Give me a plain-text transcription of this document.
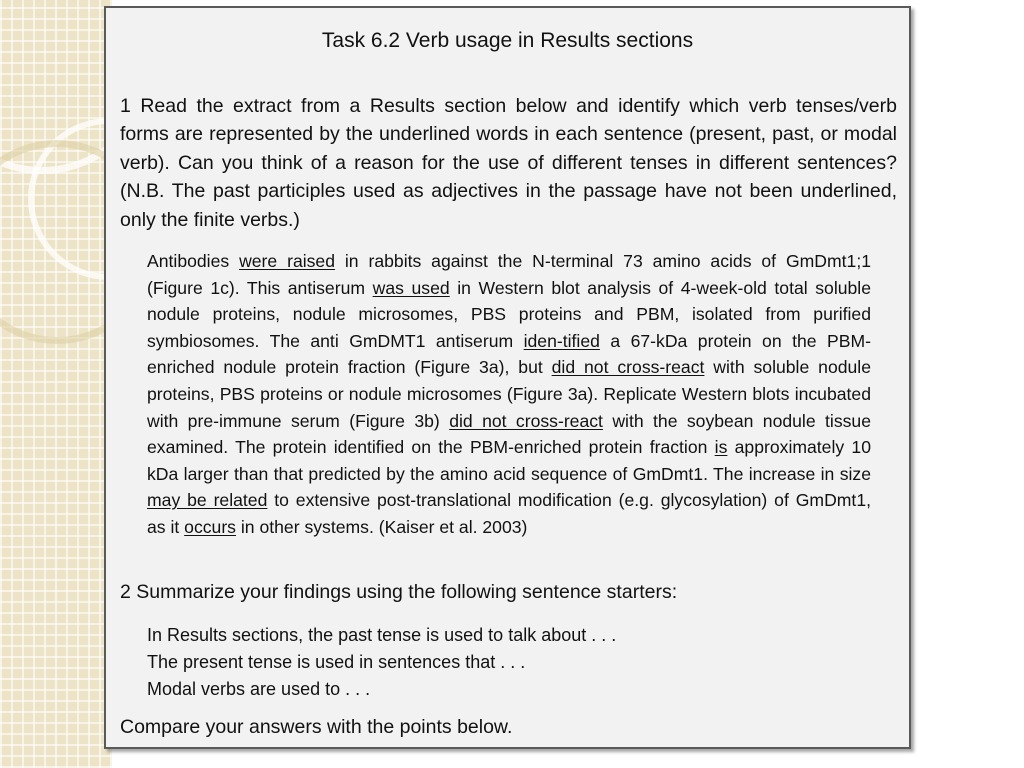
Task 6.2 Verb usage in Results sections
1 Read the extract from a Results section below and identify which verb tenses/verb forms are represented by the underlined words in each sentence (present, past, or modal verb). Can you think of a reason for the use of different tenses in different sentences? (N.B. The past participles used as adjectives in the passage have not been underlined, only the finite verbs.)
Antibodies were raised in rabbits against the N-terminal 73 amino acids of GmDmt1;1 (Figure 1c). This antiserum was used in Western blot analysis of 4-week-old total soluble nodule proteins, nodule microsomes, PBS proteins and PBM, isolated from purified symbiosomes. The anti GmDMT1 antiserum iden-tified a 67-kDa protein on the PBM-enriched nodule protein fraction (Figure 3a), but did not cross-react with soluble nodule proteins, PBS proteins or nodule microsomes (Figure 3a). Replicate Western blots incubated with pre-immune serum (Figure 3b) did not cross-react with the soybean nodule tissue examined. The protein identified on the PBM-enriched protein fraction is approximately 10 kDa larger than that predicted by the amino acid sequence of GmDmt1. The increase in size may be related to extensive post-translational modification (e.g. glycosylation) of GmDmt1, as it occurs in other systems. (Kaiser et al. 2003)
2 Summarize your findings using the following sentence starters:
In Results sections, the past tense is used to talk about . . .
The present tense is used in sentences that . . .
Modal verbs are used to . . .
Compare your answers with the points below.
